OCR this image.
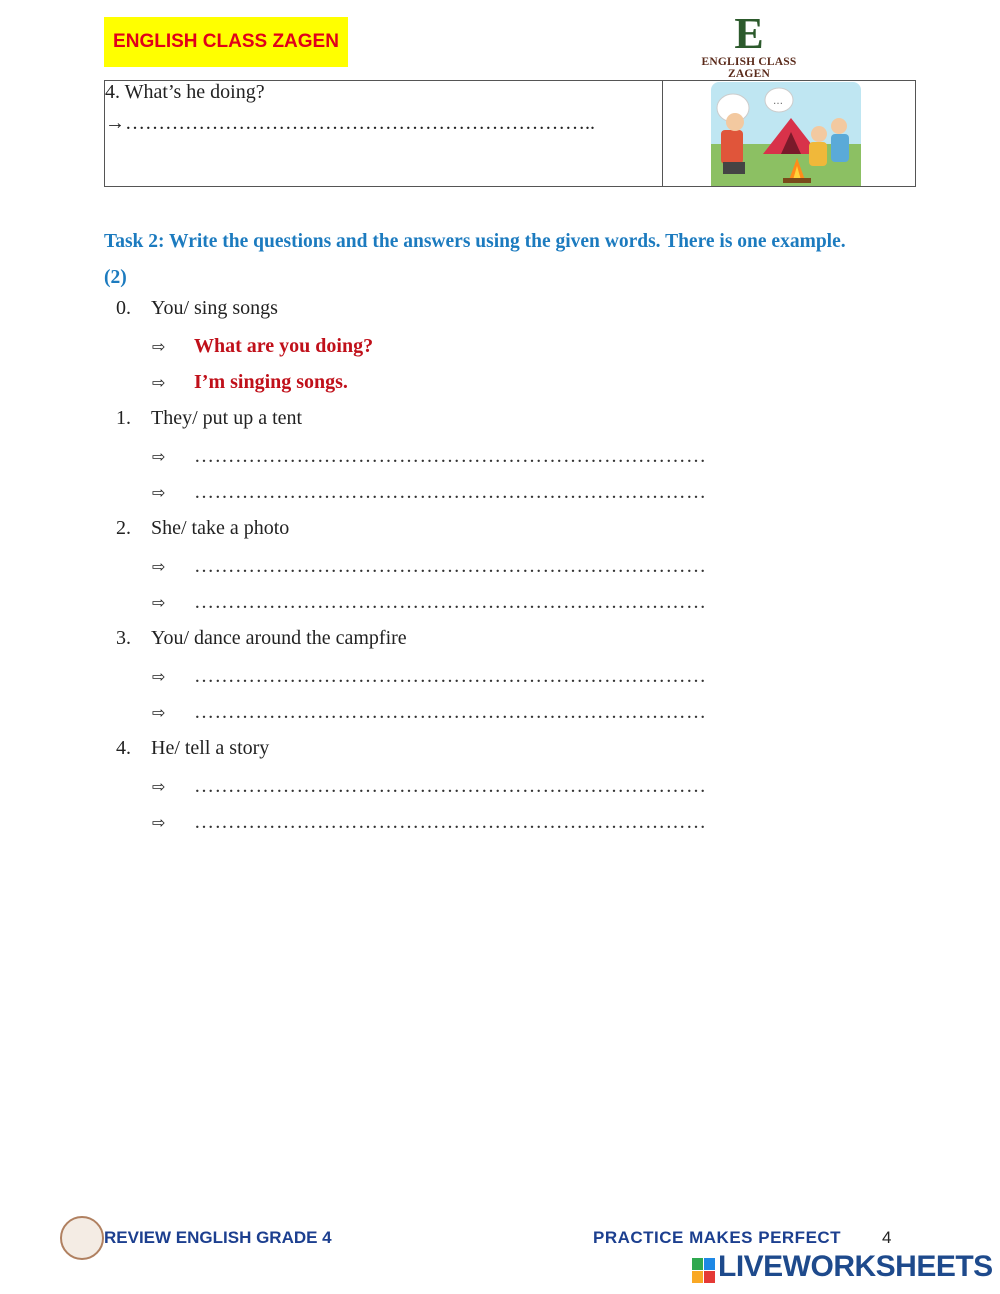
ENGLISH CLASS ZAGEN	E
ENGLISH CLASS ZAGEN
4. What’s he doing?
→……………………………………………………………..

…
Task 2: Write the questions and the answers using the given words. There is one example.
(2)
0. You/ sing songs
⇨ What are you doing?
⇨ I’m singing songs.
1. They/ put up a tent
⇨ …………………………………………………………………
⇨ …………………………………………………………………
2. She/ take a photo
⇨ …………………………………………………………………
⇨ …………………………………………………………………
3. You/ dance around the campfire
⇨ …………………………………………………………………
⇨ …………………………………………………………………
4. He/ tell a story
⇨ …………………………………………………………………
⇨ …………………………………………………………………
REVIEW ENGLISH GRADE 4	PRACTICE MAKES PERFECT 4
LIVEWORKSHEETS
